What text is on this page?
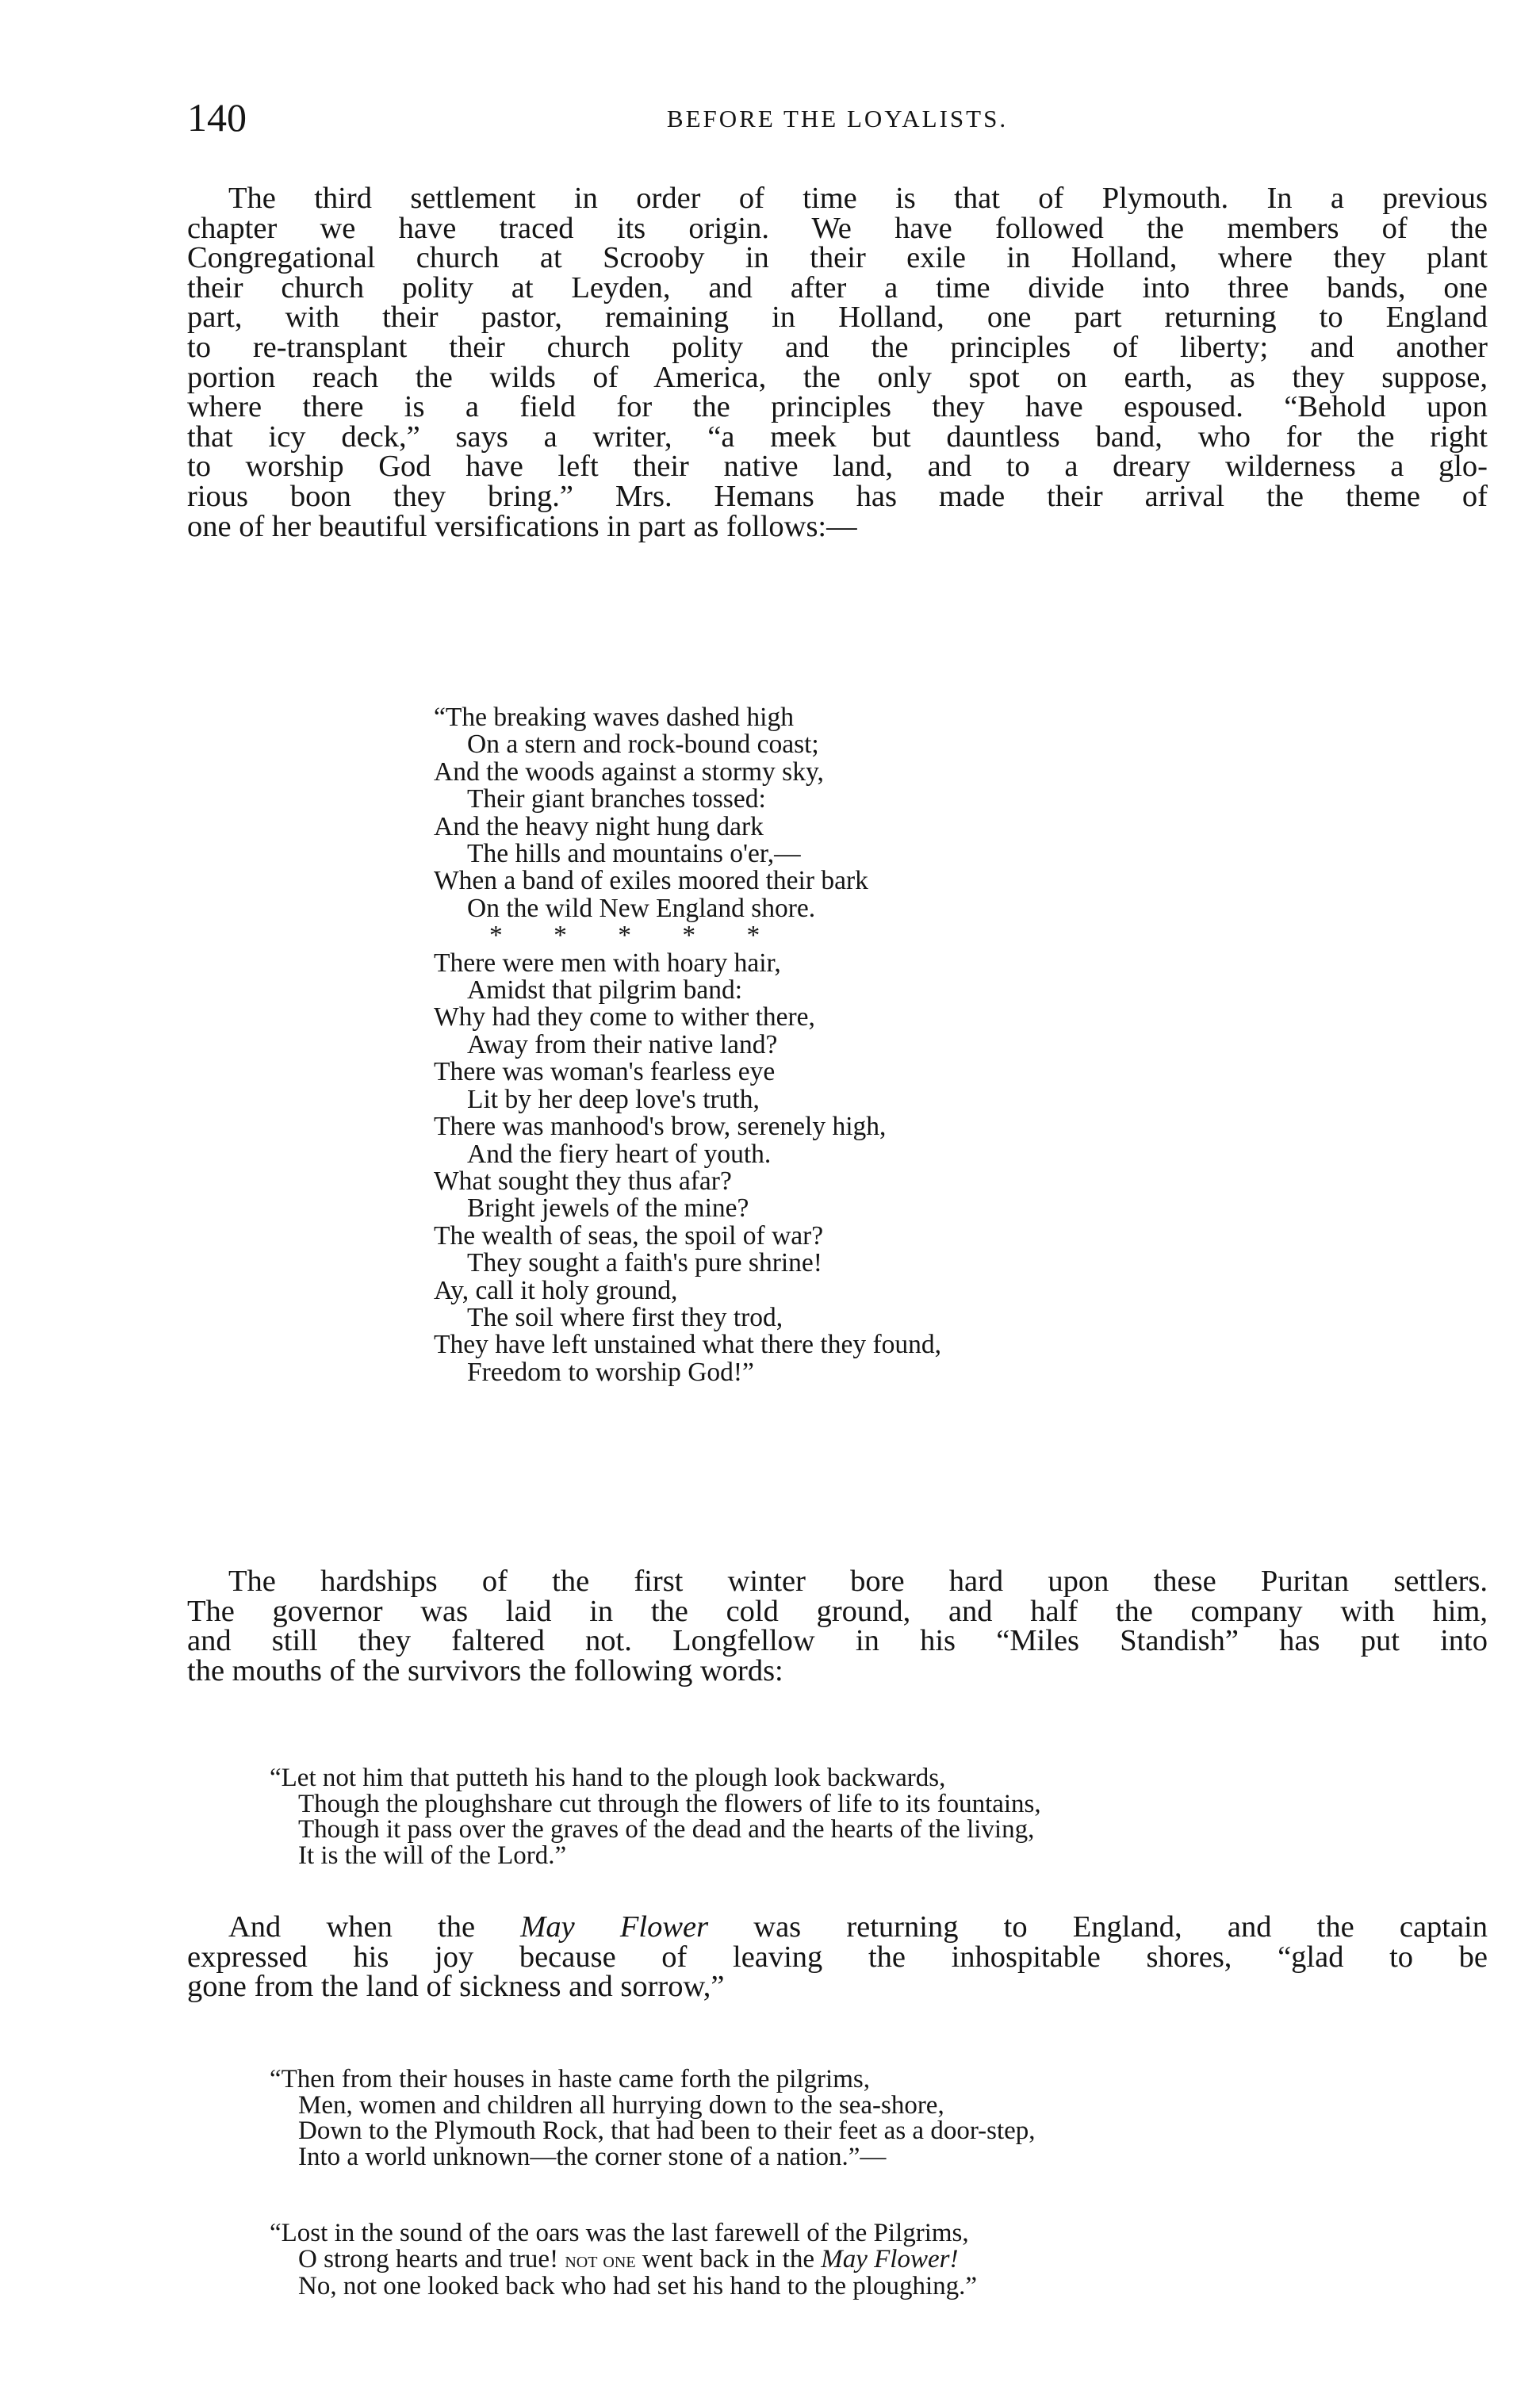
140	BEFORE THE LOYALISTS.

The third settlement in order of time is that of Plymouth. In a previous
chapter we have traced its origin. We have followed the members of the
Congregational church at Scrooby in their exile in Holland, where they plant
their church polity at Leyden, and after a time divide into three bands, one
part, with their pastor, remaining in Holland, one part returning to England
to re-transplant their church polity and the principles of liberty; and another
portion reach the wilds of America, the only spot on earth, as they suppose,
where there is a field for the principles they have espoused. “Behold upon
that icy deck,” says a writer, “a meek but dauntless band, who for the right
to worship God have left their native land, and to a dreary wilderness a glo-
rious boon they bring.” Mrs. Hemans has made their arrival the theme of
one of her beautiful versifications in part as follows:—

“The breaking waves dashed high
On a stern and rock-bound coast;
And the woods against a stormy sky,
Their giant branches tossed:
And the heavy night hung dark
The hills and mountains o'er,—
When a band of exiles moored their bark
On the wild New England shore.
* * * * *
There were men with hoary hair,
Amidst that pilgrim band:
Why had they come to wither there,
Away from their native land?
There was woman's fearless eye
Lit by her deep love's truth,
There was manhood's brow, serenely high,
And the fiery heart of youth.
What sought they thus afar?
Bright jewels of the mine?
The wealth of seas, the spoil of war?
They sought a faith's pure shrine!
Ay, call it holy ground,
The soil where first they trod,
They have left unstained what there they found,
Freedom to worship God!”

The hardships of the first winter bore hard upon these Puritan settlers.
The governor was laid in the cold ground, and half the company with him,
and still they faltered not. Longfellow in his “Miles Standish” has put into
the mouths of the survivors the following words:

“Let not him that putteth his hand to the plough look backwards,
Though the ploughshare cut through the flowers of life to its fountains,
Though it pass over the graves of the dead and the hearts of the living,
It is the will of the Lord.”

And when the May Flower was returning to England, and the captain
expressed his joy because of leaving the inhospitable shores, “glad to be
gone from the land of sickness and sorrow,”

“Then from their houses in haste came forth the pilgrims,
Men, women and children all hurrying down to the sea-shore,
Down to the Plymouth Rock, that had been to their feet as a door-step,
Into a world unknown—the corner stone of a nation.”—
“Lost in the sound of the oars was the last farewell of the Pilgrims,
O strong hearts and true! not one went back in the May Flower!
No, not one looked back who had set his hand to the ploughing.”
